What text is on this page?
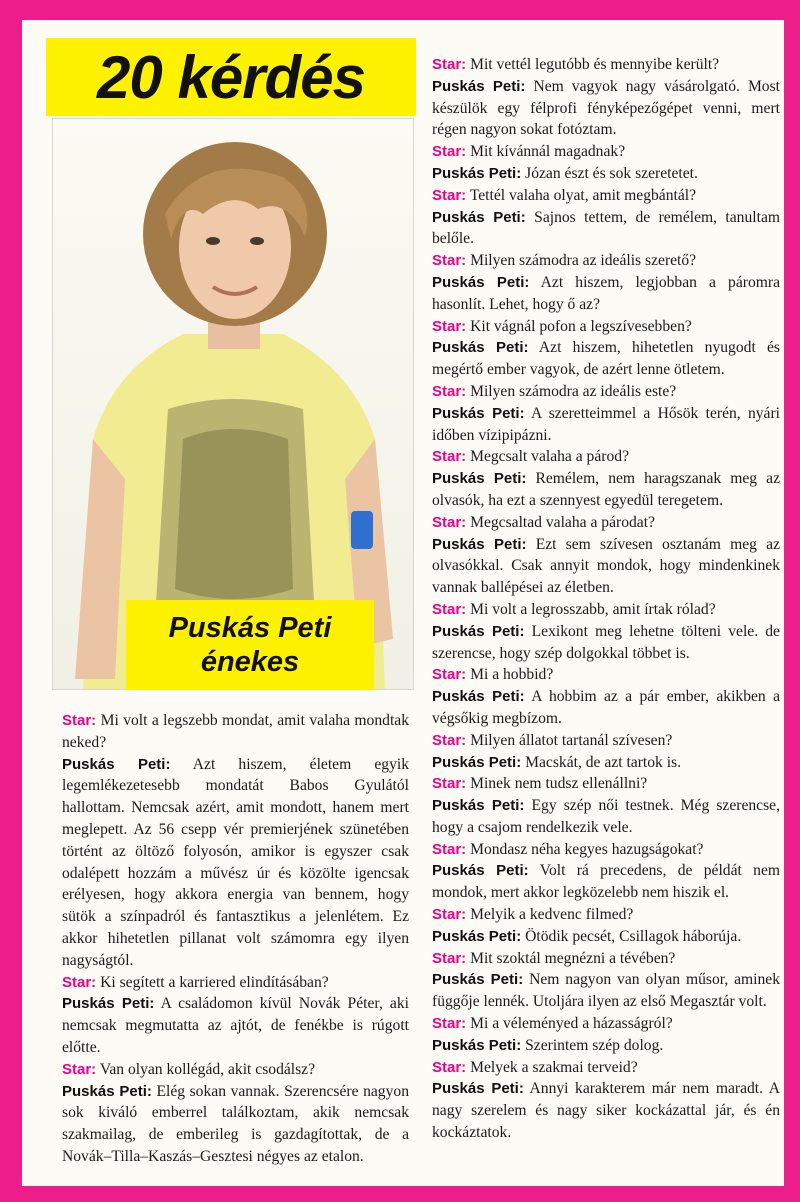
20 kérdés
Puskás Peti
énekes

Star: Mi volt a legszebb mondat, amit valaha mondtak neked?

Puskás Peti: Azt hiszem, életem egyik legemlékezetesebb mondatát Babos Gyulától hallottam. Nemcsak azért, amit mondott, hanem mert meglepett. Az 56 csepp vér premierjének szünetében történt az öltöző folyosón, amikor is egyszer csak odalépett hozzám a művész úr és közölte igencsak erélyesen, hogy akkora energia van bennem, hogy sütök a színpadról és fantasztikus a jelenlétem. Ez akkor hihetetlen pillanat volt számomra egy ilyen nagyságtól.

Star: Ki segített a karriered elindításában?

Puskás Peti: A családomon kívül Novák Péter, aki nemcsak megmutatta az ajtót, de fenékbe is rúgott előtte.

Star: Van olyan kollégád, akit csodálsz?

Puskás Peti: Elég sokan vannak. Szerencsére nagyon sok kiváló emberrel találkoztam, akik nemcsak szakmailag, de emberileg is gazdagítottak, de a Novák–Tilla–Kaszás–Gesztesi négyes az etalon.

Star: Mit vettél legutóbb és mennyibe került?

Puskás Peti: Nem vagyok nagy vásárolgató. Most készülök egy félprofi fényképezőgépet venni, mert régen nagyon sokat fotóztam.

Star: Mit kívánnál magadnak?

Puskás Peti: Józan észt és sok szeretetet.

Star: Tettél valaha olyat, amit megbántál?

Puskás Peti: Sajnos tettem, de remélem, tanultam belőle.

Star: Milyen számodra az ideális szerető?

Puskás Peti: Azt hiszem, legjobban a páromra hasonlít. Lehet, hogy ő az?

Star: Kit vágnál pofon a legszívesebben?

Puskás Peti: Azt hiszem, hihetetlen nyugodt és megértő ember vagyok, de azért lenne ötletem.

Star: Milyen számodra az ideális este?

Puskás Peti: A szeretteimmel a Hősök terén, nyári időben vízipipázni.

Star: Megcsalt valaha a párod?

Puskás Peti: Remélem, nem haragszanak meg az olvasók, ha ezt a szennyest egyedül teregetem.

Star: Megcsaltad valaha a párodat?

Puskás Peti: Ezt sem szívesen osztanám meg az olvasókkal. Csak annyit mondok, hogy mindenkinek vannak ballépései az életben.

Star: Mi volt a legrosszabb, amit írtak rólad?

Puskás Peti: Lexikont meg lehetne tölteni vele. de szerencse, hogy szép dolgokkal többet is.

Star: Mi a hobbid?

Puskás Peti: A hobbim az a pár ember, akikben a végsőkig megbízom.

Star: Milyen állatot tartanál szívesen?

Puskás Peti: Macskát, de azt tartok is.

Star: Minek nem tudsz ellenállni?

Puskás Peti: Egy szép női testnek. Még szerencse, hogy a csajom rendelkezik vele.

Star: Mondasz néha kegyes hazugságokat?

Puskás Peti: Volt rá precedens, de példát nem mondok, mert akkor legközelebb nem hiszik el.

Star: Melyik a kedvenc filmed?

Puskás Peti: Ötödik pecsét, Csillagok háborúja.

Star: Mit szoktál megnézni a tévében?

Puskás Peti: Nem nagyon van olyan műsor, aminek függője lennék. Utoljára ilyen az első Megasztár volt.

Star: Mi a véleményed a házasságról?

Puskás Peti: Szerintem szép dolog.

Star: Melyek a szakmai terveid?

Puskás Peti: Annyi karakterem már nem maradt. A nagy szerelem és nagy siker kockázattal jár, és én kockáztatok.
